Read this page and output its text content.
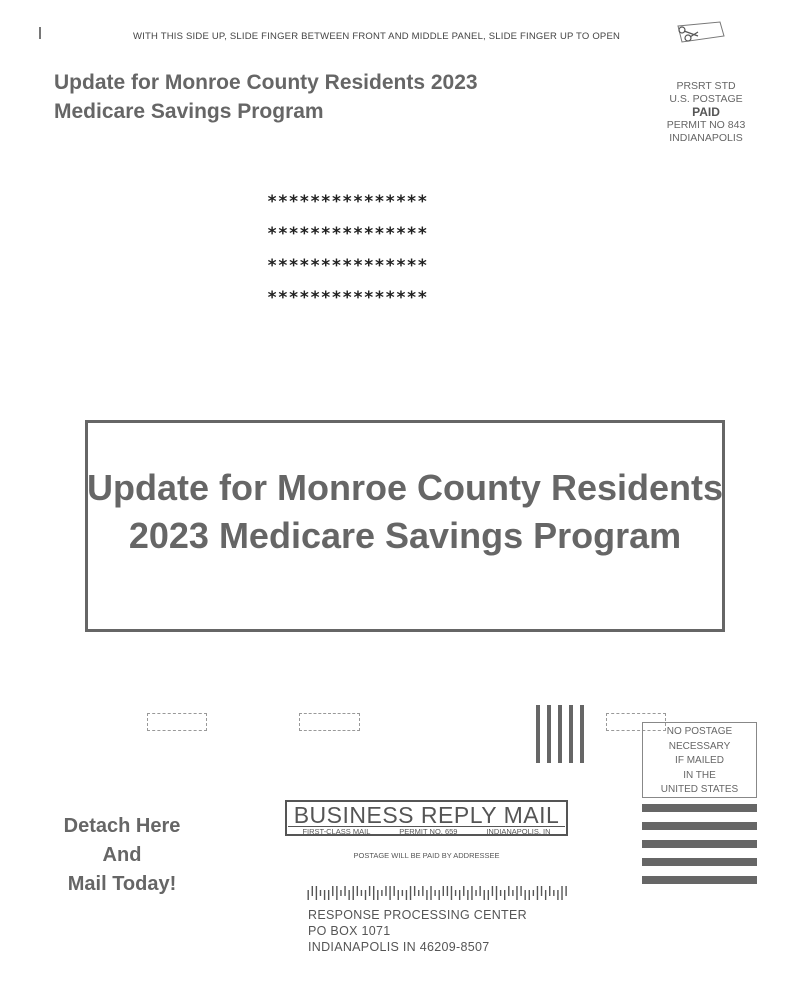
WITH THIS SIDE UP, SLIDE FINGER BETWEEN FRONT AND MIDDLE PANEL, SLIDE FINGER UP TO OPEN
Update for Monroe County Residents 2023
Medicare Savings Program
PRSRT STD
U.S. POSTAGE
PAID
PERMIT NO 843
INDIANAPOLIS
***************
***************
***************
***************
Update for Monroe County Residents
2023 Medicare Savings Program
NO POSTAGE
NECESSARY
IF MAILED
IN THE
UNITED STATES
Detach Here
And
Mail Today!
BUSINESS REPLY MAIL
FIRST-CLASS MAIL	PERMIT NO. 659	INDIANAPOLIS, IN
POSTAGE WILL BE PAID BY ADDRESSEE
RESPONSE PROCESSING CENTER
PO BOX 1071
INDIANAPOLIS IN 46209-8507
